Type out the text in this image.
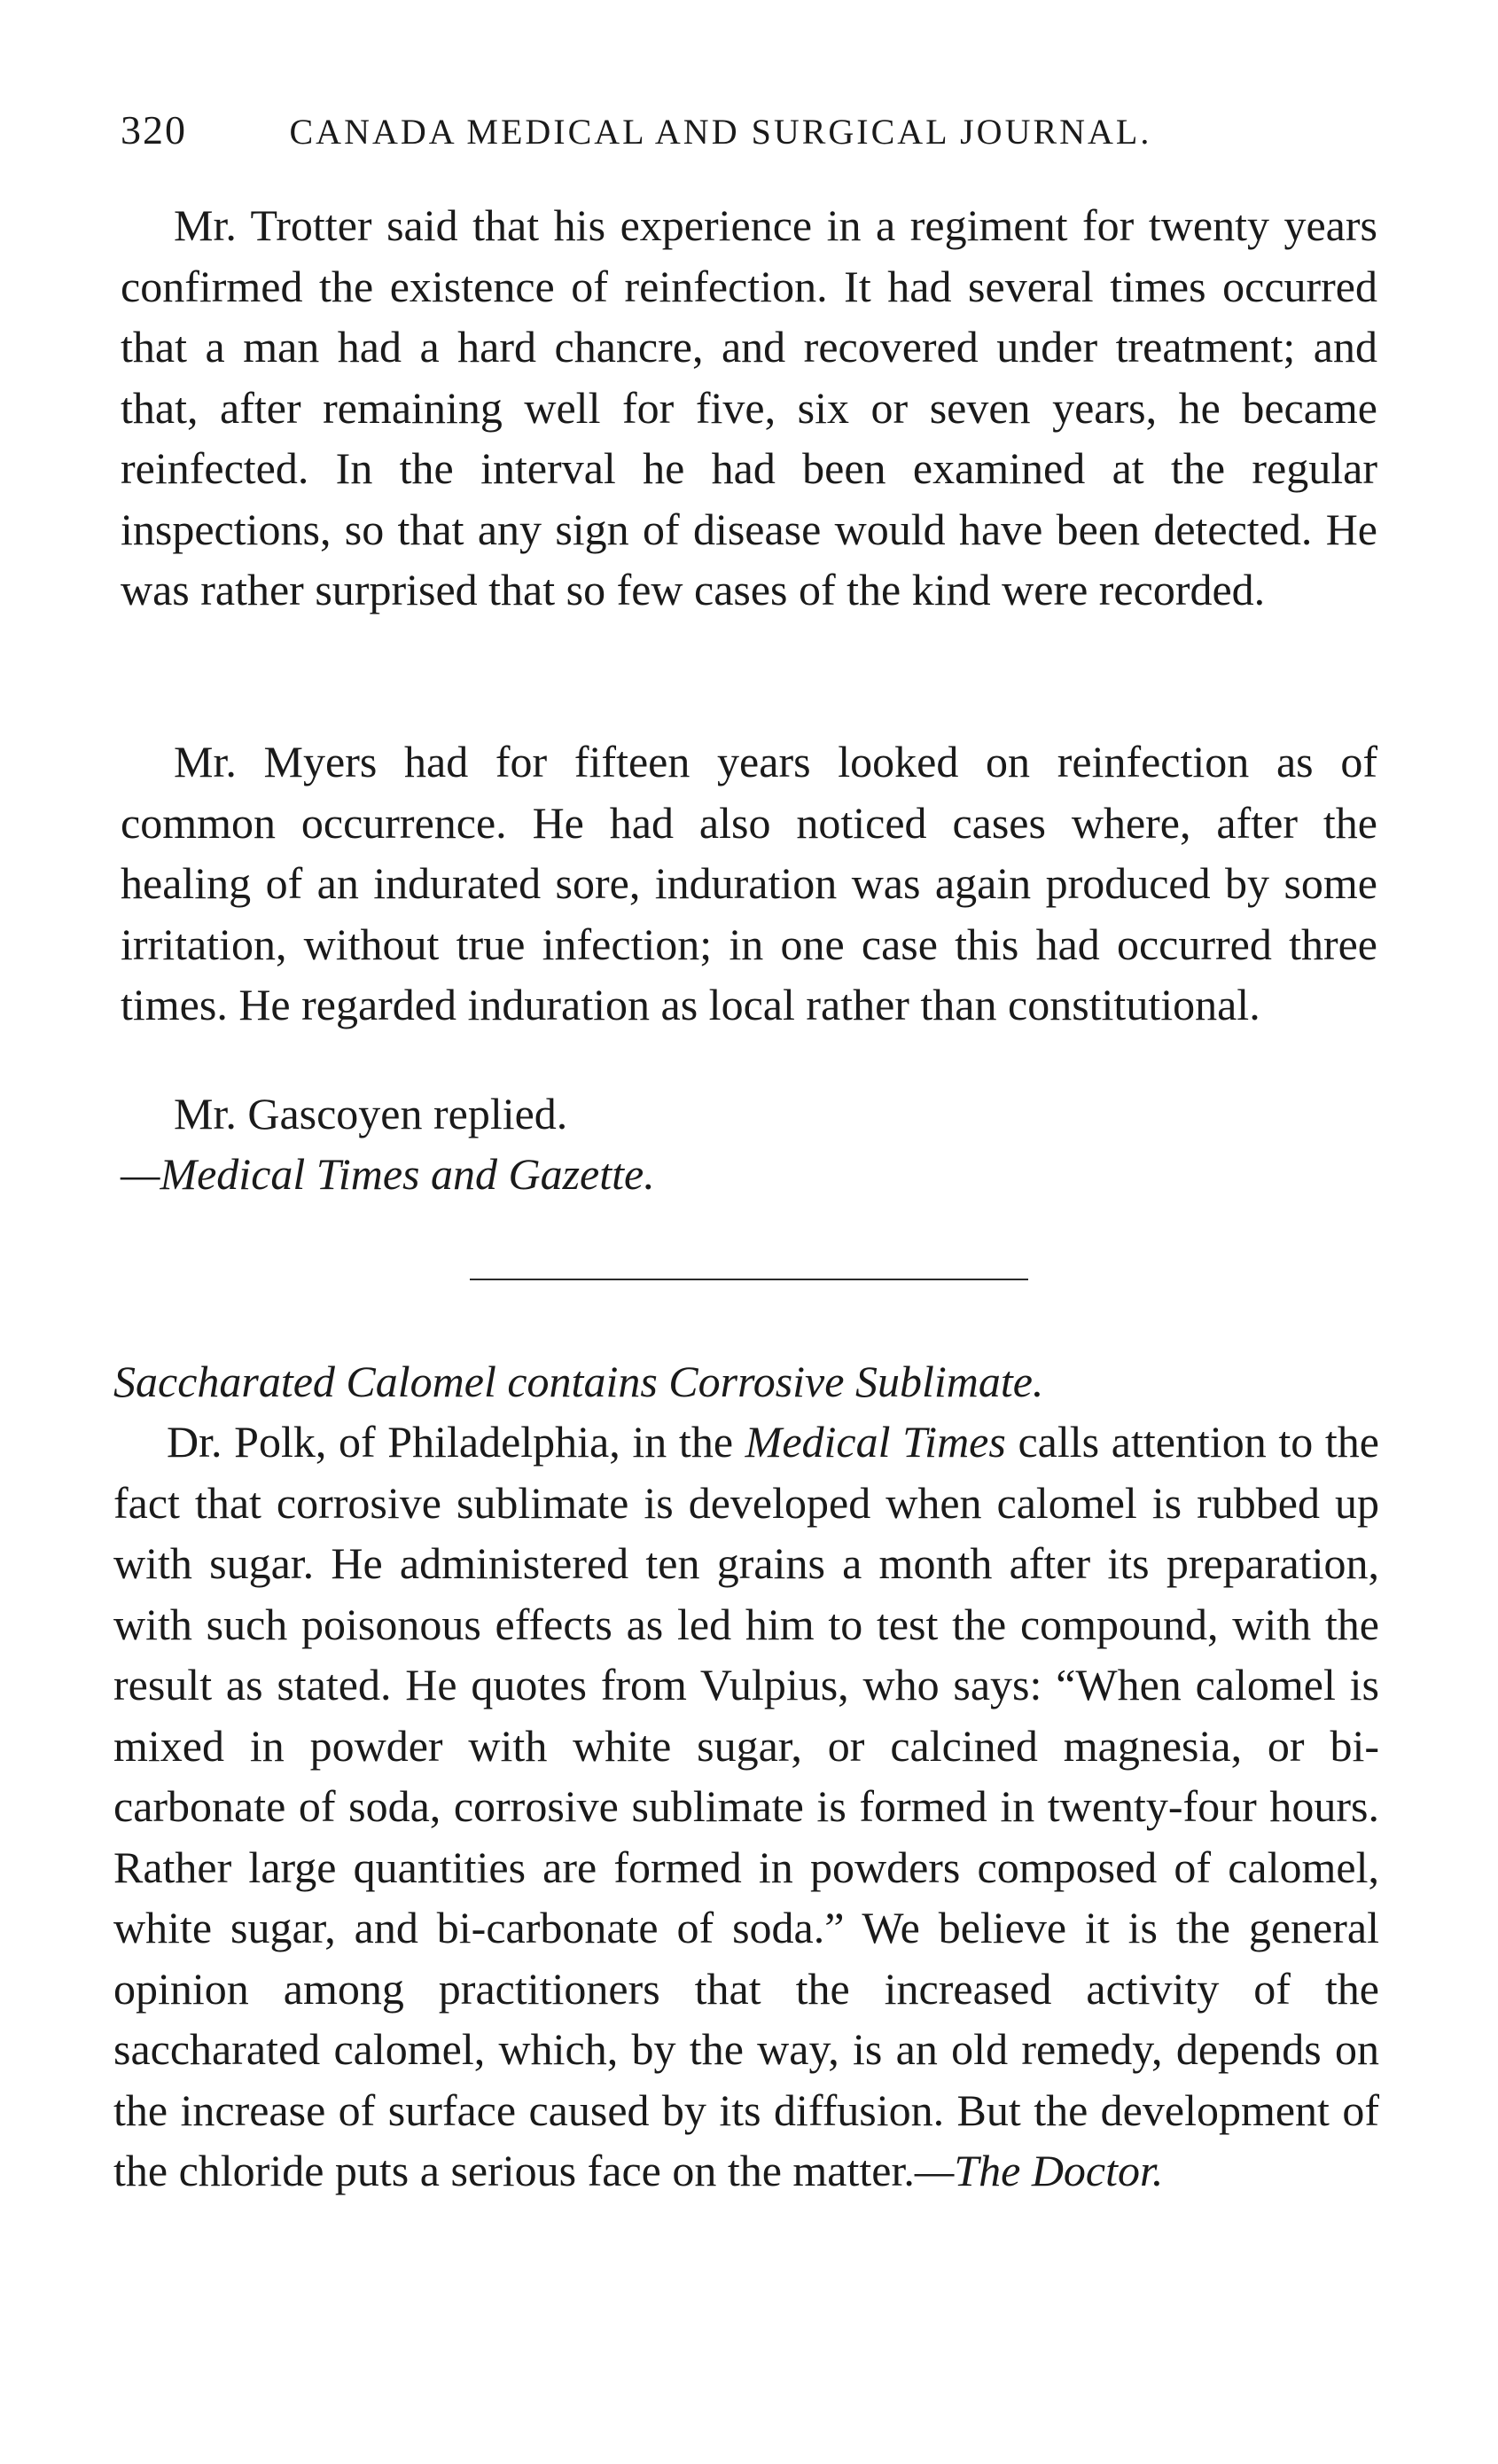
320	CANADA MEDICAL AND SURGICAL JOURNAL.

Mr. Trotter said that his experience in a regiment for twenty years confirmed the existence of reinfection. It had several times occurred that a man had a hard chancre, and recovered under treatment; and that, after remaining well for five, six or seven years, he became reinfected. In the interval he had been examined at the regular inspections, so that any sign of disease would have been detected. He was rather surprised that so few cases of the kind were recorded.

Mr. Myers had for fifteen years looked on reinfection as of common occurrence. He had also noticed cases where, after the healing of an indurated sore, induration was again produced by some irritation, without true infection; in one case this had occurred three times. He regarded induration as local rather than constitutional.

Mr. Gascoyen replied.

—Medical Times and Gazette.

Saccharated Calomel contains Corrosive Sublimate.

Dr. Polk, of Philadelphia, in the Medical Times calls attention to the fact that corrosive sublimate is developed when calomel is rubbed up with sugar. He administered ten grains a month after its preparation, with such poisonous effects as led him to test the compound, with the result as stated. He quotes from Vulpius, who says: “When calomel is mixed in powder with white sugar, or calcined magnesia, or bi-carbonate of soda, corrosive sublimate is formed in twenty-four hours. Rather large quantities are formed in powders composed of calomel, white sugar, and bi-carbonate of soda.” We believe it is the general opinion among practitioners that the increased activity of the saccharated calomel, which, by the way, is an old remedy, depends on the increase of surface caused by its diffusion. But the development of the chloride puts a serious face on the matter.—The Doctor.
